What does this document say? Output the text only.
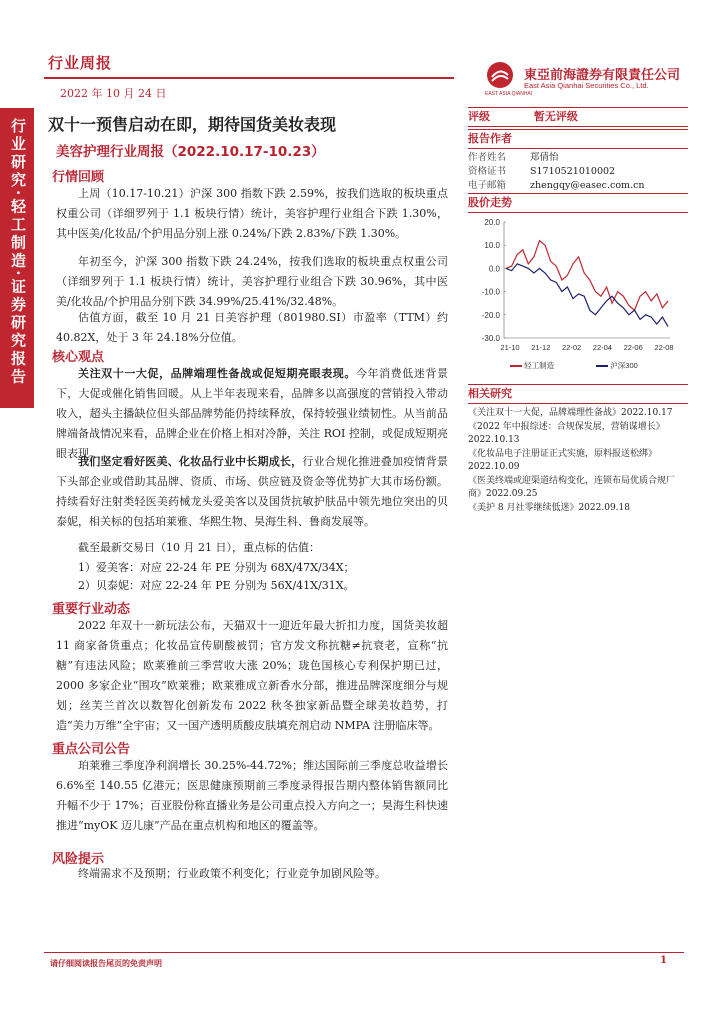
行业周报
2022 年 10 月 24 日
東亞前海證券有限責任公司
East Asia Qianhai Securities Co., Ltd.
EAST ASIA QIANHAI
行业研究·轻工制造·证券研究报告 双十一预售启动在即，期待国货美妆表现
美容护理行业周报（2022.10.17-10.23）
行情回顾
上周（10.17-10.21）沪深 300 指数下跌 2.59%，按我们选取的板块重点权重公司（详细罗列于 1.1 板块行情）统计，美容护理行业组合下跌 1.30%，其中医美/化妆品/个护用品分别上涨 0.24%/下跌 2.83%/下跌 1.30%。
年初至今，沪深 300 指数下跌 24.24%，按我们选取的板块重点权重公司（详细罗列于 1.1 板块行情）统计，美容护理行业组合下跌 30.96%，其中医美/化妆品/个护用品分别下跌 34.99%/25.41%/32.48%。
估值方面，截至 10 月 21 日美容护理（801980.SI）市盈率（TTM）约 40.82X，处于 3 年 24.18%分位值。
核心观点
关注双十一大促，品牌端理性备战或促短期亮眼表现。今年消费低迷背景下，大促或催化销售回暖。从上半年表现来看，品牌多以高强度的营销投入带动收入，超头主播缺位但头部品牌势能仍持续释放，保持较强业绩韧性。从当前品牌端备战情况来看，品牌企业在价格上相对冷静，关注 ROI 控制，或促成短期亮眼表现。
我们坚定看好医美、化妆品行业中长期成长，行业合规化推进叠加疫情背景下头部企业或借助其品牌、资质、市场、供应链及资金等优势扩大其市场份额。持续看好注射类轻医美药械龙头爱美客以及国货抗敏护肤品中领先地位突出的贝泰妮，相关标的包括珀莱雅、华熙生物、昊海生科、鲁商发展等。
截至最新交易日（10 月 21 日），重点标的估值：
1）爱美客：对应 22-24 年 PE 分别为 68X/47X/34X；
2）贝泰妮：对应 22-24 年 PE 分别为 56X/41X/31X。
重要行业动态
2022 年双十一新玩法公布，天猫双十一迎近年最大折扣力度，国货美妆超 11 商家备货重点；化妆品宣传刷酸被罚；官方发文称抗糖≠抗衰老，宣称“抗糖”有违法风险；欧莱雅前三季营收大涨 20%；珑色国核心专利保护期已过，2000 多家企业“围攻”欧莱雅；欧莱雅成立新香水分部，推进品牌深度细分与规划；丝芙兰首次以数智化创新发布 2022 秋冬独家新品暨全球美妆趋势，打造“美力万维”全宇宙；又一国产透明质酸皮肤填充剂启动 NMPA 注册临床等。
重点公司公告
珀莱雅三季度净利润增长 30.25%-44.72%；维达国际前三季度总收益增长 6.6%至 140.55 亿港元；医思健康预期前三季度录得报告期内整体销售额同比升幅不少于 17%；百亚股份称直播业务是公司重点投入方向之一；昊海生科快速推进“myOK 迈儿康”产品在重点机构和地区的覆盖等。
风险提示
终端需求不及预期；行业政策不利变化；行业竞争加剧风险等。
评级	暂无评级
报告作者
作者姓名	郑倩怡
资格证书	S1710521010002
电子邮箱	zhengqy@easec.com.cn
股价走势
20.0
10.0
0.0
-10.0
-20.0
-30.0
21-10 21-12 22-02 22-04 22-06 22-08
轻工制造	沪深300
相关研究
《关注双十一大促，品牌端理性备战》2022.10.17
《2022 年中报综述：合规保发展，营销谋增长》2022.10.13
《化妆品电子注册证正式实施，原料报送松绑》2022.10.09
《医美终端或迎渠道结构变化，连锁布局优质合规厂商》2022.09.25
《美护 8 月社零继续低迷》2022.09.18
请仔细阅读报告尾页的免责声明	1
